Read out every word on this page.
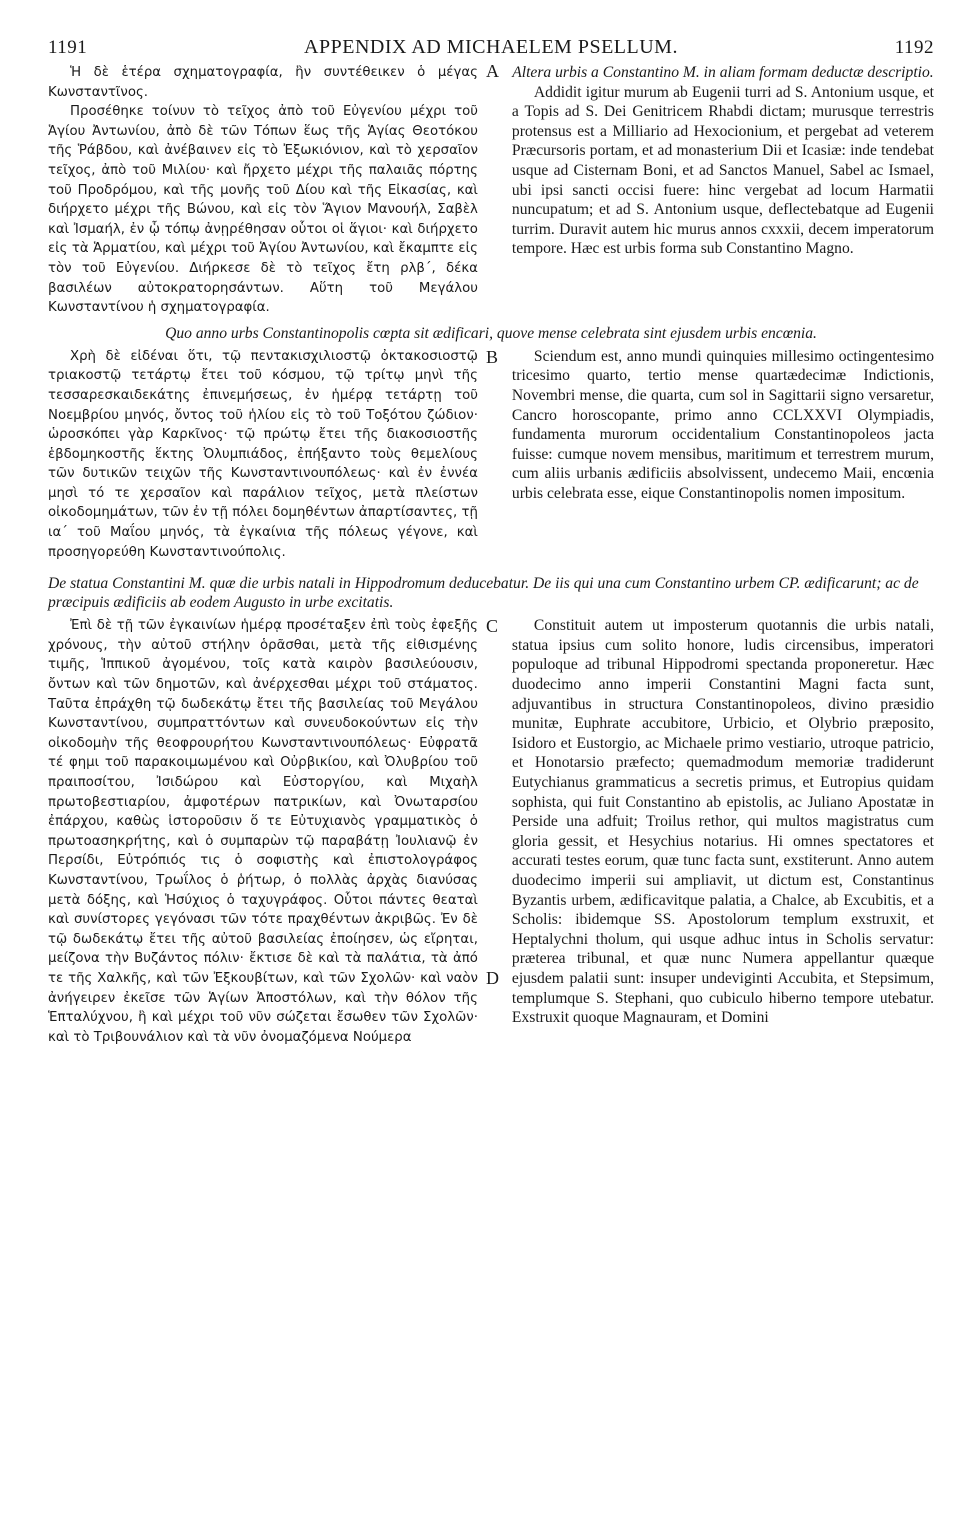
1191	APPENDIX AD MICHAELEM PSELLUM.	1192

Ἡ δὲ ἑτέρα σχηματογραφία, ἣν συντέθεικεν ὁ μέγας Κωνσταντῖνος.

Προσέθηκε τοίνυν τὸ τεῖχος ἀπὸ τοῦ Εὐγενίου μέχρι τοῦ Ἁγίου Ἀντωνίου, ἀπὸ δὲ τῶν Τόπων ἕως τῆς Ἁγίας Θεοτόκου τῆς Ῥάβδου, καὶ ἀνέβαινεν εἰς τὸ Ἐξωκιόνιον, καὶ τὸ χερσαῖον τεῖχος, ἀπὸ τοῦ Μιλίου· καὶ ἤρχετο μέχρι τῆς παλαιᾶς πόρτης τοῦ Προδρόμου, καὶ τῆς μονῆς τοῦ Δίου καὶ τῆς Εἰκασίας, καὶ διήρχετο μέχρι τῆς Βώνου, καὶ εἰς τὸν Ἅγιον Μανουήλ, Σαβὲλ καὶ Ἰσμαήλ, ἐν ᾧ τόπῳ ἀνῃρέθησαν οὗτοι οἱ ἅγιοι· καὶ διήρχετο εἰς τὰ Ἁρματίου, καὶ μέχρι τοῦ Ἁγίου Ἀντωνίου, καὶ ἔκαμπτε εἰς τὸν τοῦ Εὐγενίου. Διήρκεσε δὲ τὸ τεῖχος ἔτη ρλβ΄, δέκα βασιλέων αὐτοκρατορησάντων. Αὕτη τοῦ Μεγάλου Κωνσταντίνου ἡ σχηματογραφία.

A Altera urbis a Constantino M. in aliam formam deductæ descriptio.

Addidit igitur murum ab Eugenii turri ad S. Antonium usque, et a Topis ad S. Dei Genitricem Rhabdi dictam; murusque terrestris protensus est a Milliario ad Hexocionium, et pergebat ad veterem Præcursoris portam, et ad monasterium Dii et Icasiæ: inde tendebat usque ad Cisternam Boni, et ad Sanctos Manuel, Sabel ac Ismael, ubi ipsi sancti occisi fuere: hinc vergebat ad locum Harmatii nuncupatum; et ad S. Antonium usque, deflectebatque ad Eugenii turrim. Duravit autem hic murus annos cxxxii, decem imperatorum tempore. Hæc est urbis forma sub Constantino Magno.

Quo anno urbs Constantinopolis cœpta sit ædificari, quove mense celebrata sint ejusdem urbis encœnia.

Χρὴ δὲ εἰδέναι ὅτι, τῷ πεντακισχιλιοστῷ ὀκτακοσιοστῷ τριακοστῷ τετάρτῳ ἔτει τοῦ κόσμου, τῷ τρίτῳ μηνὶ τῆς τεσσαρεσκαιδεκάτης ἐπινεμήσεως, ἐν ἡμέρᾳ τετάρτῃ τοῦ Νοεμβρίου μηνός, ὄντος τοῦ ἡλίου εἰς τὸ τοῦ Τοξότου ζώδιον· ὡροσκόπει γὰρ Καρκῖνος· τῷ πρώτῳ ἔτει τῆς διακοσιοστῆς ἑβδομηκοστῆς ἕκτης Ὀλυμπιάδος, ἐπήξαντο τοὺς θεμελίους τῶν δυτικῶν τειχῶν τῆς Κωνσταντινουπόλεως· καὶ ἐν ἐννέα μησὶ τό τε χερσαῖον καὶ παράλιον τεῖχος, μετὰ πλείστων οἰκοδομημάτων, τῶν ἐν τῇ πόλει δομηθέντων ἀπαρτίσαντες, τῇ ια΄ τοῦ Μαΐου μηνός, τὰ ἐγκαίνια τῆς πόλεως γέγονε, καὶ προσηγορεύθη Κωνσταντινούπολις.

B	Sciendum est, anno mundi quinquies millesimo octingentesimo tricesimo quarto, tertio mense quartædecimæ Indictionis, Novembri mense, die quarta, cum sol in Sagittarii signo versaretur, Cancro horoscopante, primo anno CCLXXVI Olympiadis, fundamenta murorum occidentalium Constantinopoleos jacta fuisse: cumque novem mensibus, maritimum et terrestrem murum, cum aliis urbanis ædificiis absolvissent, undecemo Maii, encœnia urbis celebrata esse, eique Constantinopolis nomen impositum.

De statua Constantini M. quæ die urbis natali in Hippodromum deducebatur. De iis qui una cum Constantino urbem CP. ædificarunt; ac de præcipuis ædificiis ab eodem Augusto in urbe excitatis.

Ἐπὶ δὲ τῇ τῶν ἐγκαινίων ἡμέρᾳ προσέταξεν ἐπὶ τοὺς ἐφεξῆς χρόνους, τὴν αὐτοῦ στήλην ὁρᾶσθαι, μετὰ τῆς εἰθισμένης τιμῆς, Ἱππικοῦ ἀγομένου, τοῖς κατὰ καιρὸν βασιλεύουσιν, ὄντων καὶ τῶν δημοτῶν, καὶ ἀνέρχεσθαι μέχρι τοῦ στάματος. Ταῦτα ἐπράχθη τῷ δωδεκάτῳ ἔτει τῆς βασιλείας τοῦ Μεγάλου Κωνσταντίνου, συμπραττόντων καὶ συνευδοκούντων εἰς τὴν οἰκοδομὴν τῆς θεοφρουρήτου Κωνσταντινουπόλεως· Εὐφρατᾶ τέ φημι τοῦ παρακοιμωμένου καὶ Οὐρβικίου, καὶ Ὀλυβρίου τοῦ πραιποσίτου, Ἰσιδώρου καὶ Εὐστοργίου, καὶ Μιχαὴλ πρωτοβεστιαρίου, ἀμφοτέρων πατρικίων, καὶ Ὀνωταρσίου ἐπάρχου, καθὼς ἱστοροῦσιν ὅ τε Εὐτυχιανὸς γραμματικὸς ὁ πρωτοασηκρήτης, καὶ ὁ συμπαρὼν τῷ παραβάτῃ Ἰουλιανῷ ἐν Περσίδι, Εὐτρόπιός τις ὁ σοφιστὴς καὶ ἐπιστολογράφος Κωνσταντίνου, Τρωΐλος ὁ ῥήτωρ, ὁ πολλὰς ἀρχὰς διανύσας μετὰ δόξης, καὶ Ἡσύχιος ὁ ταχυγράφος. Οὗτοι πάντες θεαταὶ καὶ συνίστορες γεγόνασι τῶν τότε πραχθέντων ἀκριβῶς. Ἐν δὲ τῷ δωδεκάτῳ ἔτει τῆς αὐτοῦ βασιλείας ἐποίησεν, ὡς εἴρηται, μείζονα τὴν Βυζάντος πόλιν· ἔκτισε δὲ καὶ τὰ παλάτια, τὰ ἀπό τε τῆς Χαλκῆς, καὶ τῶν Ἐξκουβίτων, καὶ τῶν Σχολῶν· καὶ ναὸν ἀνήγειρεν ἐκεῖσε τῶν Ἁγίων Ἀποστόλων, καὶ τὴν θόλον τῆς Ἑπταλύχνου, ἣ καὶ μέχρι τοῦ νῦν σώζεται ἔσωθεν τῶν Σχολῶν· καὶ τὸ Τριβουνάλιον καὶ τὰ νῦν ὀνομαζόμενα Νούμερα

C
D

Constituit autem ut imposterum quotannis die urbis natali, statua ipsius cum solito honore, ludis circensibus, imperatori populoque ad tribunal Hippodromi spectanda proponeretur. Hæc duodecimo anno imperii Constantini Magni facta sunt, adjuvantibus in structura Constantinopoleos, divino præsidio munitæ, Euphrate accubitore, Urbicio, et Olybrio præposito, Isidoro et Eustorgio, ac Michaele primo vestiario, utroque patricio, et Honotarsio præfecto; quemadmodum memoriæ tradiderunt Eutychianus grammaticus a secretis primus, et Eutropius quidam sophista, qui fuit Constantino ab epistolis, ac Juliano Apostatæ in Perside una adfuit; Troilus rethor, qui multos magistratus cum gloria gessit, et Hesychius notarius. Hi omnes spectatores et accurati testes eorum, quæ tunc facta sunt, exstiterunt. Anno autem duodecimo imperii sui ampliavit, ut dictum est, Constantinus Byzantis urbem, ædificavitque palatia, a Chalce, ab Excubitis, et a Scholis: ibidemque SS. Apostolorum templum exstruxit, et Heptalychni tholum, qui usque adhuc intus in Scholis servatur: præterea tribunal, et quæ nunc Numera appellantur quæque ejusdem palatii sunt: insuper undeviginti Accubita, et Stepsimum, templumque S. Stephani, quo cubiculo hiberno tempore utebatur. Exstruxit quoque Magnauram, et Domini
